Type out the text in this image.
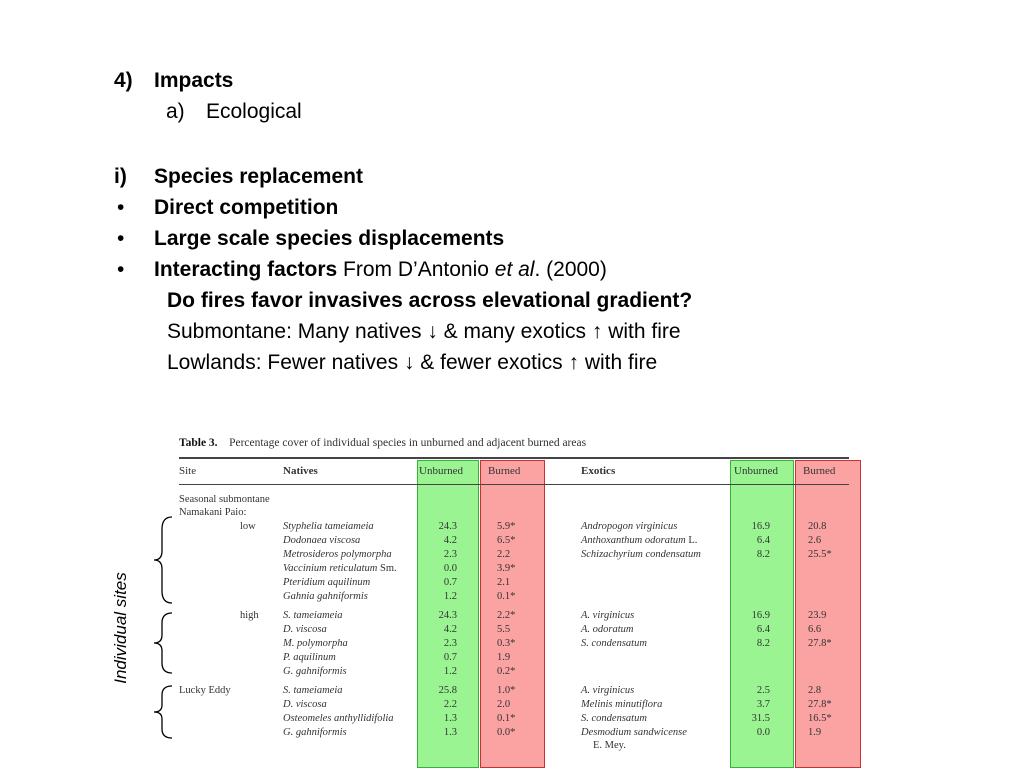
4) Impacts
a) Ecological
i) Species replacement
• Direct competition
• Large scale species displacements
• Interacting factors From D’Antonio et al. (2000)
Do fires favor invasives across elevational gradient?
Submontane: Many natives ↓ & many exotics ↑ with fire
Lowlands: Fewer natives ↓ & fewer exotics ↑ with fire
Individual sites
Table 3. Percentage cover of individual species in unburned and adjacent burned areas
Site	Natives	Unburned Burned	Exotics	Unburned Burned
Seasonal submontane
Namakani Paio:
low	Styphelia tameiameia	24.3	5.9*	Andropogon virginicus	16.9	20.8
Dodonaea viscosa	4.2	6.5*	Anthoxanthum odoratum L.	6.4	2.6
Metrosideros polymorpha	2.3	2.2	Schizachyrium condensatum	8.2	25.5*
Vaccinium reticulatum Sm.	0.0	3.9*
Pteridium aquilinum	0.7	2.1
Gahnia gahniformis	1.2	0.1*
high S. tameiameia	24.3	2.2*	A. virginicus	16.9	23.9
D. viscosa	4.2	5.5	A. odoratum	6.4	6.6
M. polymorpha	2.3	0.3*	S. condensatum	8.2	27.8*
P. aquilinum	0.7	1.9
G. gahniformis	1.2	0.2*
Lucky Eddy	S. tameiameia	25.8	1.0*	A. virginicus	2.5	2.8
D. viscosa	2.2	2.0	Melinis minutiflora	3.7	27.8*
Osteomeles anthyllidifolia	1.3	0.1*	S. condensatum	31.5	16.5*
G. gahniformis	1.3	0.0*	Desmodium sandwicense	0.0	1.9
E. Mey.
